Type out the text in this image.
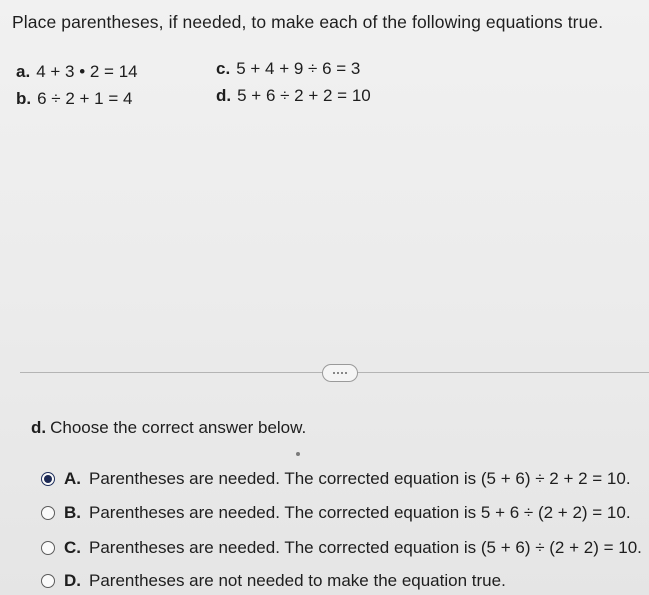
Place parentheses, if needed, to make each of the following equations true.
a. 4 + 3 • 2 = 14
b. 6 ÷ 2 + 1 = 4
c. 5 + 4 + 9 ÷ 6 = 3
d. 5 + 6 ÷ 2 + 2 = 10
d. Choose the correct answer below.
A. Parentheses are needed. The corrected equation is (5 + 6) ÷ 2 + 2 = 10.
B. Parentheses are needed. The corrected equation is 5 + 6 ÷ (2 + 2) = 10.
C. Parentheses are needed. The corrected equation is (5 + 6) ÷ (2 + 2) = 10.
D. Parentheses are not needed to make the equation true.
